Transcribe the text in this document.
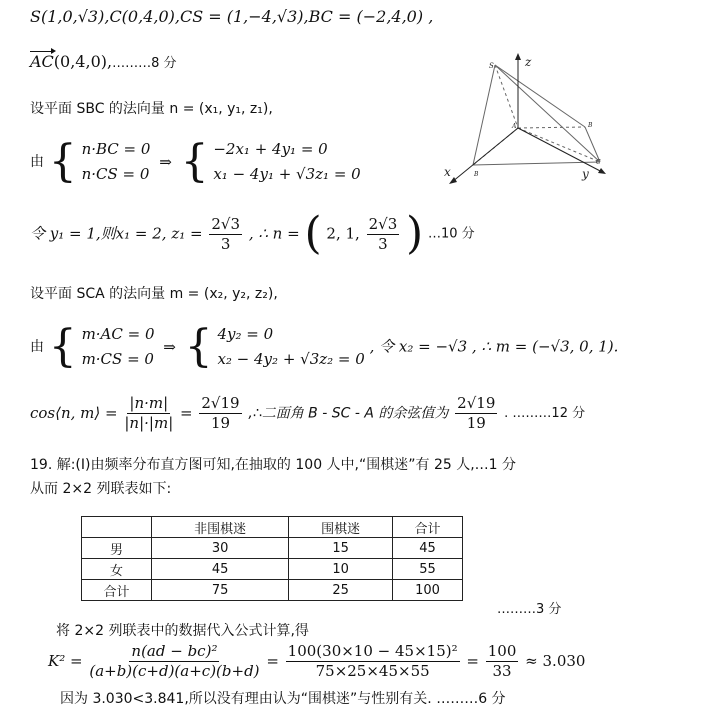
S(1,0,√3),C(0,4,0),CS = (1,−4,√3),BC = (−2,4,0) ,
AC(0,4,0),………8 分
设平面 SBC 的法向量 n = (x₁, y₁, z₁),
由 { n·BC = 0
n·CS = 0
⇒ { −2x₁ + 4y₁ = 0
x₁ − 4y₁ + √3z₁ = 0
令 y₁ = 1,则x₁ = 2, $z_1 = \frac{2√3}{3}$ , ∴ n = ( 2, 1, $\frac{2√3}{3}$ ) …10 分
设平面 SCA 的法向量 m = (x₂, y₂, z₂),
由 { m·AC = 0
m·CS = 0
⇒ { 4y₂ = 0
x₂ − 4y₂ + √3z₂ = 0
, 令 x₂ = −√3 , ∴ m = (−√3, 0, 1).
cos⟨n, m⟩ = $\frac{|n\cdot m|}{|n|\cdot|m|} = \frac{2√19}{19}$ ,∴二面角 B - SC - A 的余弦值为 $\frac{2√19}{19}$ . ………12 分
19. 解:(Ⅰ)由频率分布直方图可知,在抽取的 100 人中,“围棋迷”有 25 人,…1 分
从而 2×2 列联表如下:
	非围棋迷	围棋迷	合计
男	30	15	45
女	45	10	55
合计	75	25	100
………3 分
将 2×2 列联表中的数据代入公式计算,得
$K^2 = \frac{\text{n(ad − bc)²}}{(a+b)(c+d)(a+c)(b+d)} = \frac{\text{100(30×10 − 45×15)²}}{75\times 25\times 45\times 55} = \frac{100}{33} \approx 3.030$
因为 3.030<3.841,所以没有理由认为“围棋迷”与性别有关. ………6 分
S	z
A	B
x	B	y
C
